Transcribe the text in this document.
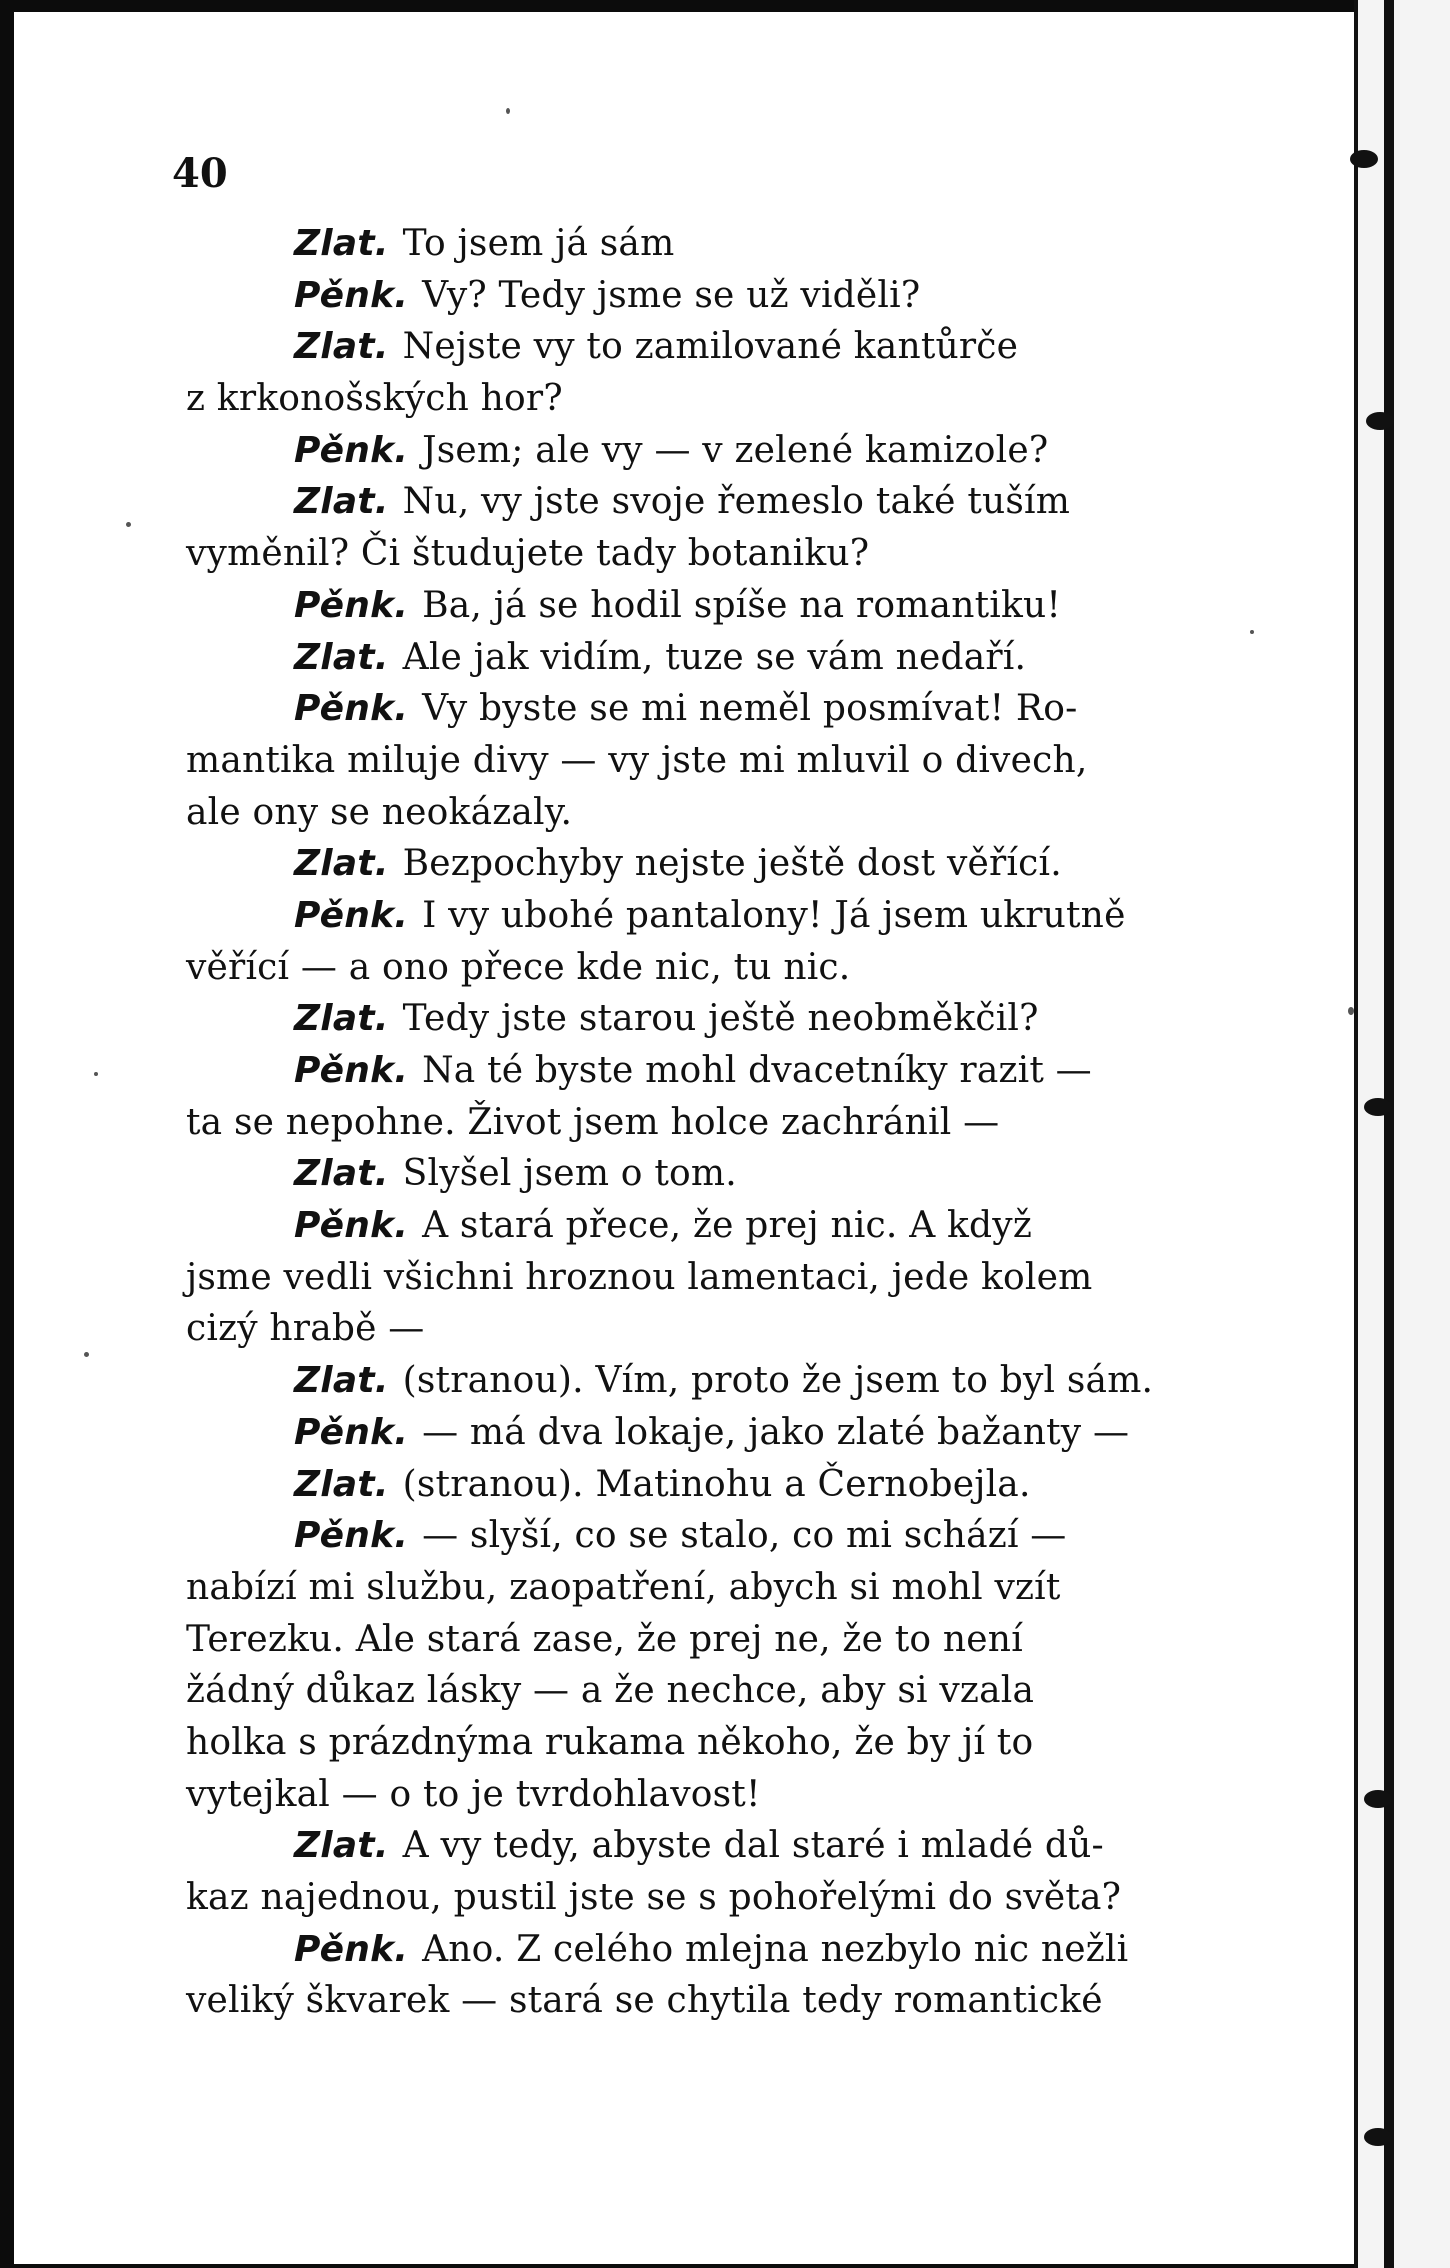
40
Zlat. To jsem já sám
Pěnk. Vy? Tedy jsme se už viděli?
Zlat. Nejste vy to zamilované kantůrče
z krkonošských hor?
Pěnk. Jsem; ale vy — v zelené kamizole?
Zlat. Nu, vy jste svoje řemeslo také tuším
vyměnil? Či študujete tady botaniku?
Pěnk. Ba, já se hodil spíše na romantiku!
Zlat. Ale jak vidím, tuze se vám nedaří.
Pěnk. Vy byste se mi neměl posmívat! Ro-
mantika miluje divy — vy jste mi mluvil o divech,
ale ony se neokázaly.
Zlat. Bezpochyby nejste ještě dost věřící.
Pěnk. I vy ubohé pantalony! Já jsem ukrutně
věřící — a ono přece kde nic, tu nic.
Zlat. Tedy jste starou ještě neobměkčil?
Pěnk. Na té byste mohl dvacetníky razit —
ta se nepohne. Život jsem holce zachránil —
Zlat. Slyšel jsem o tom.
Pěnk. A stará přece, že prej nic. A když
jsme vedli všichni hroznou lamentaci, jede kolem
cizý hrabě —
Zlat. (stranou). Vím, proto že jsem to byl sám.
Pěnk. — má dva lokaje, jako zlaté bažanty —
Zlat. (stranou). Matinohu a Černobejla.
Pěnk. — slyší, co se stalo, co mi schází —
nabízí mi službu, zaopatření, abych si mohl vzít
Terezku. Ale stará zase, že prej ne, že to není
žádný důkaz lásky — a že nechce, aby si vzala
holka s prázdnýma rukama někoho, že by jí to
vytejkal — o to je tvrdohlavost!
Zlat. A vy tedy, abyste dal staré i mladé dů-
kaz najednou, pustil jste se s pohořelými do světa?
Pěnk. Ano. Z celého mlejna nezbylo nic nežli
veliký škvarek — stará se chytila tedy romantické
